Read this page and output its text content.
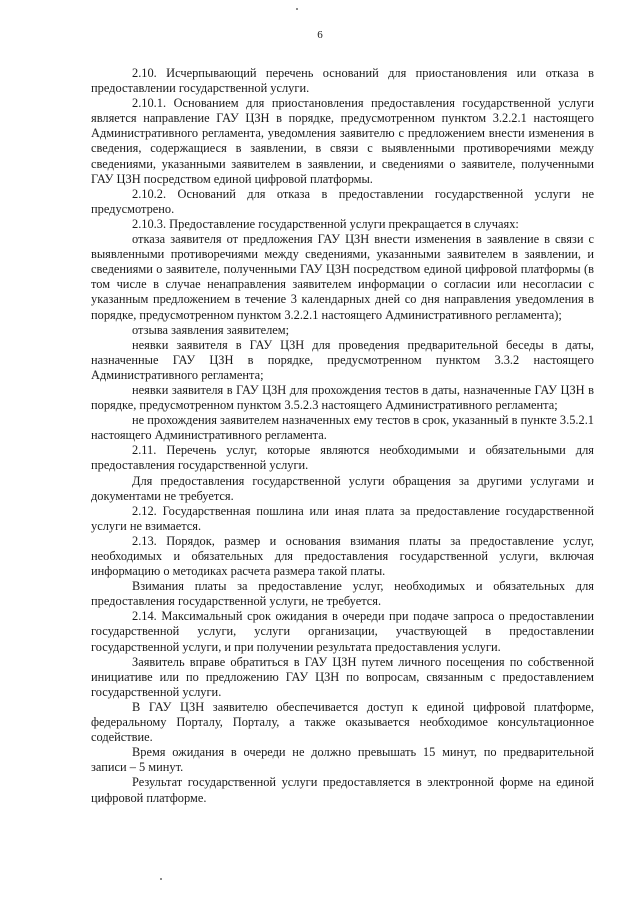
6

2.10. Исчерпывающий перечень оснований для приостановления или отказа в предоставлении государственной услуги.

2.10.1. Основанием для приостановления предоставления государственной услуги является направление ГАУ ЦЗН в порядке, предусмотренном пунктом 3.2.2.1 настоящего Административного регламента, уведомления заявителю с предложением внести изменения в сведения, содержащиеся в заявлении, в связи с выявленными противоречиями между сведениями, указанными заявителем в заявлении, и сведениями о заявителе, полученными ГАУ ЦЗН посредством единой цифровой платформы.

2.10.2. Оснований для отказа в предоставлении государственной услуги не предусмотрено.

2.10.3. Предоставление государственной услуги прекращается в случаях:

отказа заявителя от предложения ГАУ ЦЗН внести изменения в заявление в связи с выявленными противоречиями между сведениями, указанными заявителем в заявлении, и сведениями о заявителе, полученными ГАУ ЦЗН посредством единой цифровой платформы (в том числе в случае ненаправления заявителем информации о согласии или несогласии с указанным предложением в течение 3 календарных дней со дня направления уведомления в порядке, предусмотренном пунктом 3.2.2.1 настоящего Административного регламента);

отзыва заявления заявителем;

неявки заявителя в ГАУ ЦЗН для проведения предварительной беседы в даты, назначенные ГАУ ЦЗН в порядке, предусмотренном пунктом 3.3.2 настоящего Административного регламента;

неявки заявителя в ГАУ ЦЗН для прохождения тестов в даты, назначенные ГАУ ЦЗН в порядке, предусмотренном пунктом 3.5.2.3 настоящего Административного регламента;

не прохождения заявителем назначенных ему тестов в срок, указанный в пункте 3.5.2.1 настоящего Административного регламента.

2.11. Перечень услуг, которые являются необходимыми и обязательными для предоставления государственной услуги.

Для предоставления государственной услуги обращения за другими услугами и документами не требуется.

2.12. Государственная пошлина или иная плата за предоставление государственной услуги не взимается.

2.13. Порядок, размер и основания взимания платы за предоставление услуг, необходимых и обязательных для предоставления государственной услуги, включая информацию о методиках расчета размера такой платы.

Взимания платы за предоставление услуг, необходимых и обязательных для предоставления государственной услуги, не требуется.

2.14. Максимальный срок ожидания в очереди при подаче запроса о предоставлении государственной услуги, услуги организации, участвующей в предоставлении государственной услуги, и при получении результата предоставления услуги.

Заявитель вправе обратиться в ГАУ ЦЗН путем личного посещения по собственной инициативе или по предложению ГАУ ЦЗН по вопросам, связанным с предоставлением государственной услуги.

В ГАУ ЦЗН заявителю обеспечивается доступ к единой цифровой платформе, федеральному Порталу, Порталу, а также оказывается необходимое консультационное содействие.

Время ожидания в очереди не должно превышать 15 минут, по предварительной записи – 5 минут.

Результат государственной услуги предоставляется в электронной форме на единой цифровой платформе.
